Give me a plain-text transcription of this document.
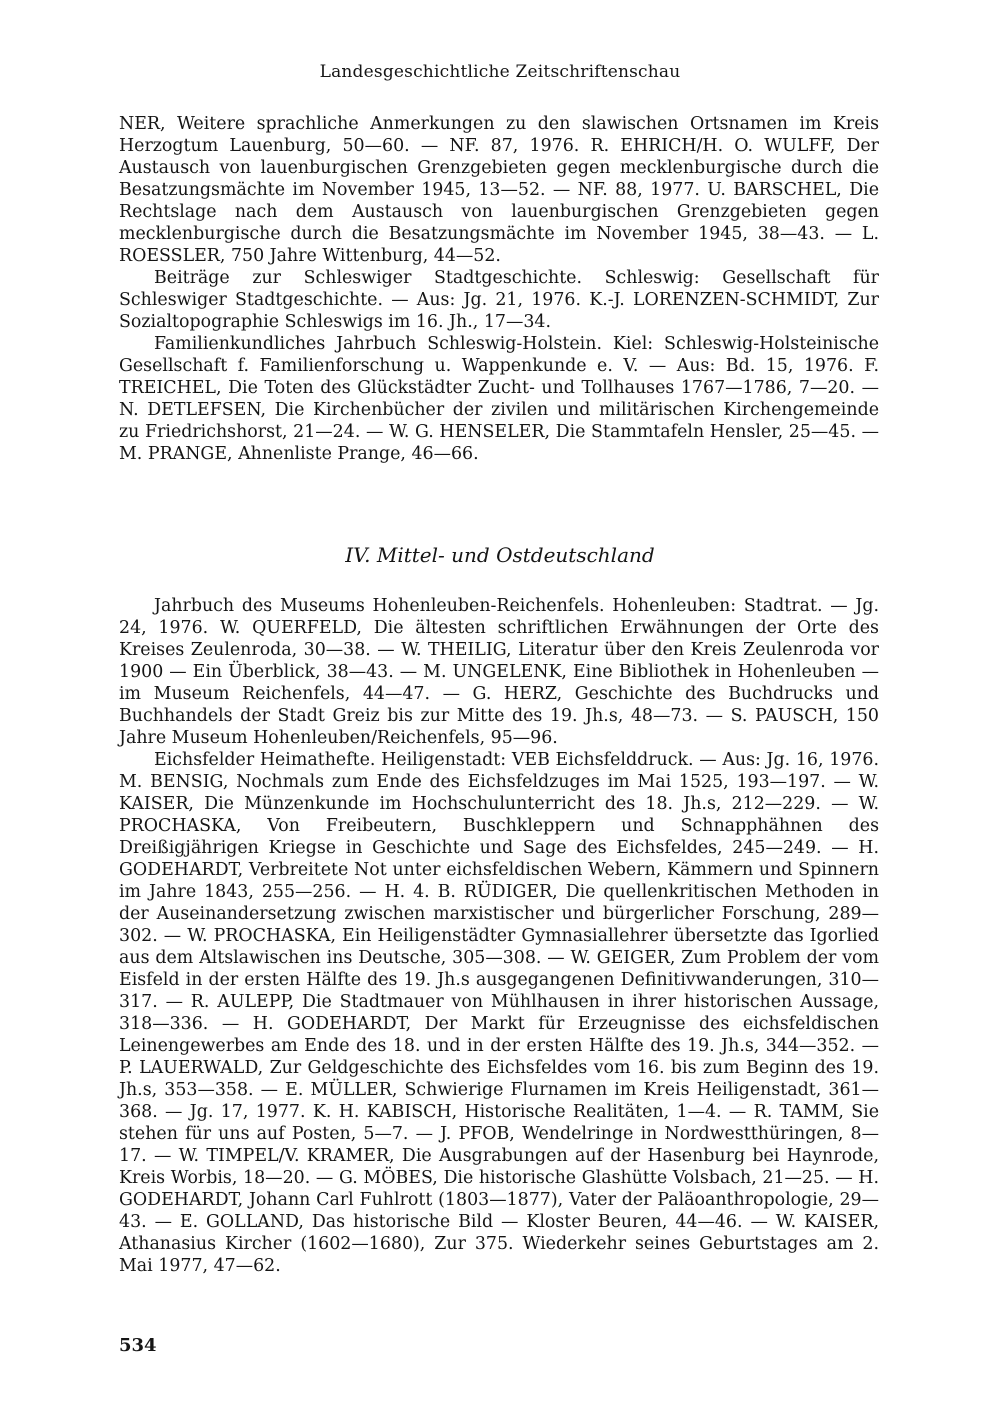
Landesgeschichtliche Zeitschriftenschau

NER, Weitere sprachliche Anmerkungen zu den slawischen Ortsnamen im Kreis Herzogtum Lauenburg, 50—60. — NF. 87, 1976. R. EHRICH/H. O. WULFF, Der Austausch von lauenburgischen Grenzgebieten gegen mecklenburgische durch die Besatzungsmächte im November 1945, 13—52. — NF. 88, 1977. U. BARSCHEL, Die Rechtslage nach dem Austausch von lauenburgischen Grenzgebieten gegen mecklenburgische durch die Besatzungsmächte im November 1945, 38—43. — L. ROESSLER, 750 Jahre Wittenburg, 44—52.

Beiträge zur Schleswiger Stadtgeschichte. Schleswig: Gesellschaft für Schleswiger Stadtgeschichte. — Aus: Jg. 21, 1976. K.-J. LORENZEN-SCHMIDT, Zur Sozialtopographie Schleswigs im 16. Jh., 17—34.

Familienkundliches Jahrbuch Schleswig-Holstein. Kiel: Schleswig-Holsteinische Gesellschaft f. Familienforschung u. Wappenkunde e. V. — Aus: Bd. 15, 1976. F. TREICHEL, Die Toten des Glückstädter Zucht- und Tollhauses 1767—1786, 7—20. — N. DETLEFSEN, Die Kirchenbücher der zivilen und militärischen Kirchengemeinde zu Friedrichshorst, 21—24. — W. G. HENSELER, Die Stammtafeln Hensler, 25—45. — M. PRANGE, Ahnenliste Prange, 46—66.

IV. Mittel- und Ostdeutschland

Jahrbuch des Museums Hohenleuben-Reichenfels. Hohenleuben: Stadtrat. — Jg. 24, 1976. W. QUERFELD, Die ältesten schriftlichen Erwähnungen der Orte des Kreises Zeulenroda, 30—38. — W. THEILIG, Literatur über den Kreis Zeulenroda vor 1900 — Ein Überblick, 38—43. — M. UNGELENK, Eine Bibliothek in Hohenleuben — im Museum Reichenfels, 44—47. — G. HERZ, Geschichte des Buchdrucks und Buchhandels der Stadt Greiz bis zur Mitte des 19. Jh.s, 48—73. — S. PAUSCH, 150 Jahre Museum Hohenleuben/Reichenfels, 95—96.

Eichsfelder Heimathefte. Heiligenstadt: VEB Eichsfelddruck. — Aus: Jg. 16, 1976. M. BENSIG, Nochmals zum Ende des Eichsfeldzuges im Mai 1525, 193—197. — W. KAISER, Die Münzenkunde im Hochschulunterricht des 18. Jh.s, 212—229. — W. PROCHASKA, Von Freibeutern, Buschkleppern und Schnapphähnen des Dreißigjährigen Kriegse in Geschichte und Sage des Eichsfeldes, 245—249. — H. GODEHARDT, Verbreitete Not unter eichsfeldischen Webern, Kämmern und Spinnern im Jahre 1843, 255—256. — H. 4. B. RÜDIGER, Die quellenkritischen Methoden in der Auseinandersetzung zwischen marxistischer und bürgerlicher Forschung, 289—302. — W. PROCHASKA, Ein Heiligenstädter Gymnasiallehrer übersetzte das Igorlied aus dem Altslawischen ins Deutsche, 305—308. — W. GEIGER, Zum Problem der vom Eisfeld in der ersten Hälfte des 19. Jh.s ausgegangenen Definitivwanderungen, 310—317. — R. AULEPP, Die Stadtmauer von Mühlhausen in ihrer historischen Aussage, 318—336. — H. GODEHARDT, Der Markt für Erzeugnisse des eichsfeldischen Leinengewerbes am Ende des 18. und in der ersten Hälfte des 19. Jh.s, 344—352. — P. LAUERWALD, Zur Geldgeschichte des Eichsfeldes vom 16. bis zum Beginn des 19. Jh.s, 353—358. — E. MÜLLER, Schwierige Flurnamen im Kreis Heiligenstadt, 361—368. — Jg. 17, 1977. K. H. KABISCH, Historische Realitäten, 1—4. — R. TAMM, Sie stehen für uns auf Posten, 5—7. — J. PFOB, Wendelringe in Nordwestthüringen, 8—17. — W. TIMPEL/V. KRAMER, Die Ausgrabungen auf der Hasenburg bei Haynrode, Kreis Worbis, 18—20. — G. MÖBES, Die historische Glashütte Volsbach, 21—25. — H. GODEHARDT, Johann Carl Fuhlrott (1803—1877), Vater der Paläoanthropologie, 29—43. — E. GOLLAND, Das historische Bild — Kloster Beuren, 44—46. — W. KAISER, Athanasius Kircher (1602—1680), Zur 375. Wiederkehr seines Geburtstages am 2. Mai 1977, 47—62.

534
